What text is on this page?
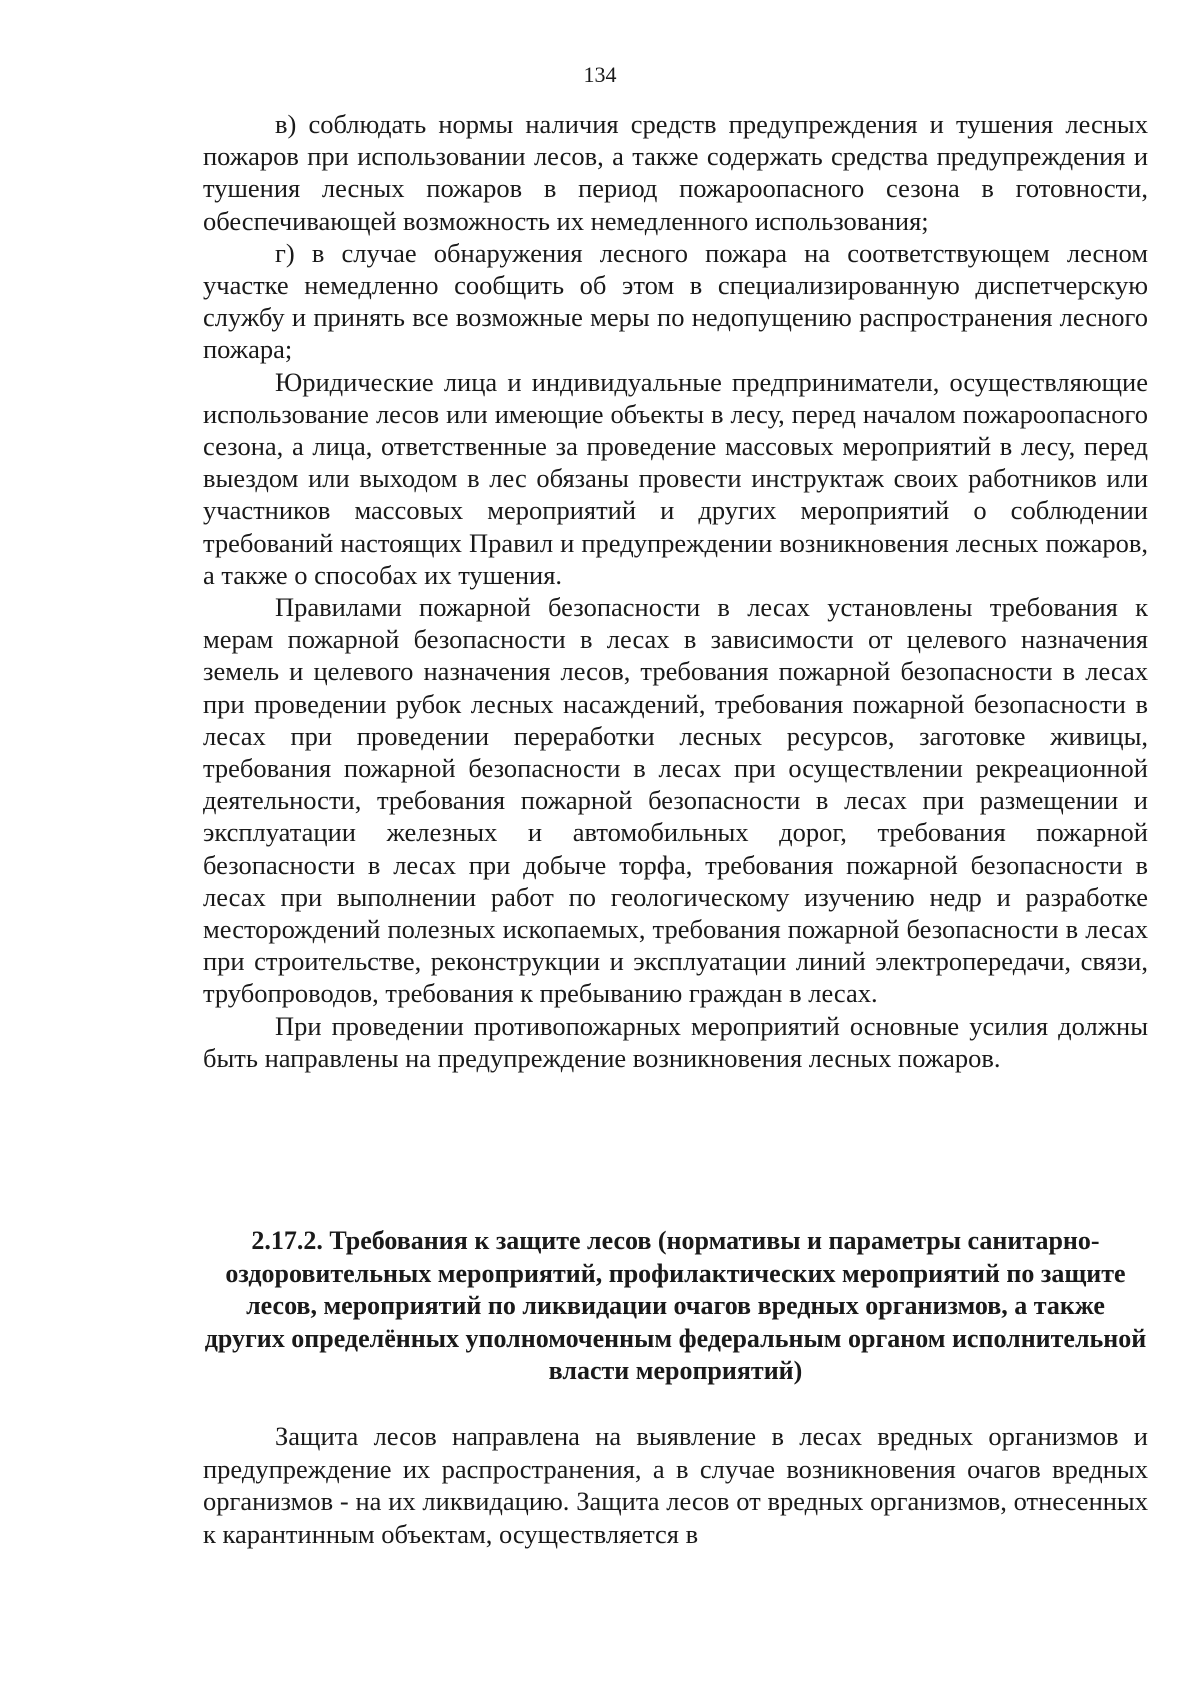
134

в) соблюдать нормы наличия средств предупреждения и тушения лесных пожаров при использовании лесов, а также содержать средства предупреждения и тушения лесных пожаров в период пожароопасного сезона в готовности, обеспечивающей возможность их немедленного использования;

г) в случае обнаружения лесного пожара на соответствующем лесном участке немедленно сообщить об этом в специализированную диспетчерскую службу и принять все возможные меры по недопущению распространения лесного пожара;

Юридические лица и индивидуальные предприниматели, осуществляющие использование лесов или имеющие объекты в лесу, перед началом пожароопасного сезона, а лица, ответственные за проведение массовых мероприятий в лесу, перед выездом или выходом в лес обязаны провести инструктаж своих работников или участников массовых мероприятий и других мероприятий о соблюдении требований настоящих Правил и предупреждении возникновения лесных пожаров, а также о способах их тушения.

Правилами пожарной безопасности в лесах установлены требования к мерам пожарной безопасности в лесах в зависимости от целевого назначения земель и целевого назначения лесов, требования пожарной безопасности в лесах при проведении рубок лесных насаждений, требования пожарной безопасности в лесах при проведении переработки лесных ресурсов, заготовке живицы, требования пожарной безопасности в лесах при осуществлении рекреационной деятельности, требования пожарной безопасности в лесах при размещении и эксплуатации железных и автомобильных дорог, требования пожарной безопасности в лесах при добыче торфа, требования пожарной безопасности в лесах при выполнении работ по геологическому изучению недр и разработке месторождений полезных ископаемых, требования пожарной безопасности в лесах при строительстве, реконструкции и эксплуатации линий электропередачи, связи, трубопроводов, требования к пребыванию граждан в лесах.

При проведении противопожарных мероприятий основные усилия должны быть направлены на предупреждение возникновения лесных пожаров.

2.17.2. Требования к защите лесов (нормативы и параметры санитарно-оздоровительных мероприятий, профилактических мероприятий по защите лесов, мероприятий по ликвидации очагов вредных организмов, а также других определённых уполномоченным федеральным органом исполнительной власти мероприятий)

Защита лесов направлена на выявление в лесах вредных организмов и предупреждение их распространения, а в случае возникновения очагов вредных организмов - на их ликвидацию. Защита лесов от вредных организмов, отнесенных к карантинным объектам, осуществляется в
